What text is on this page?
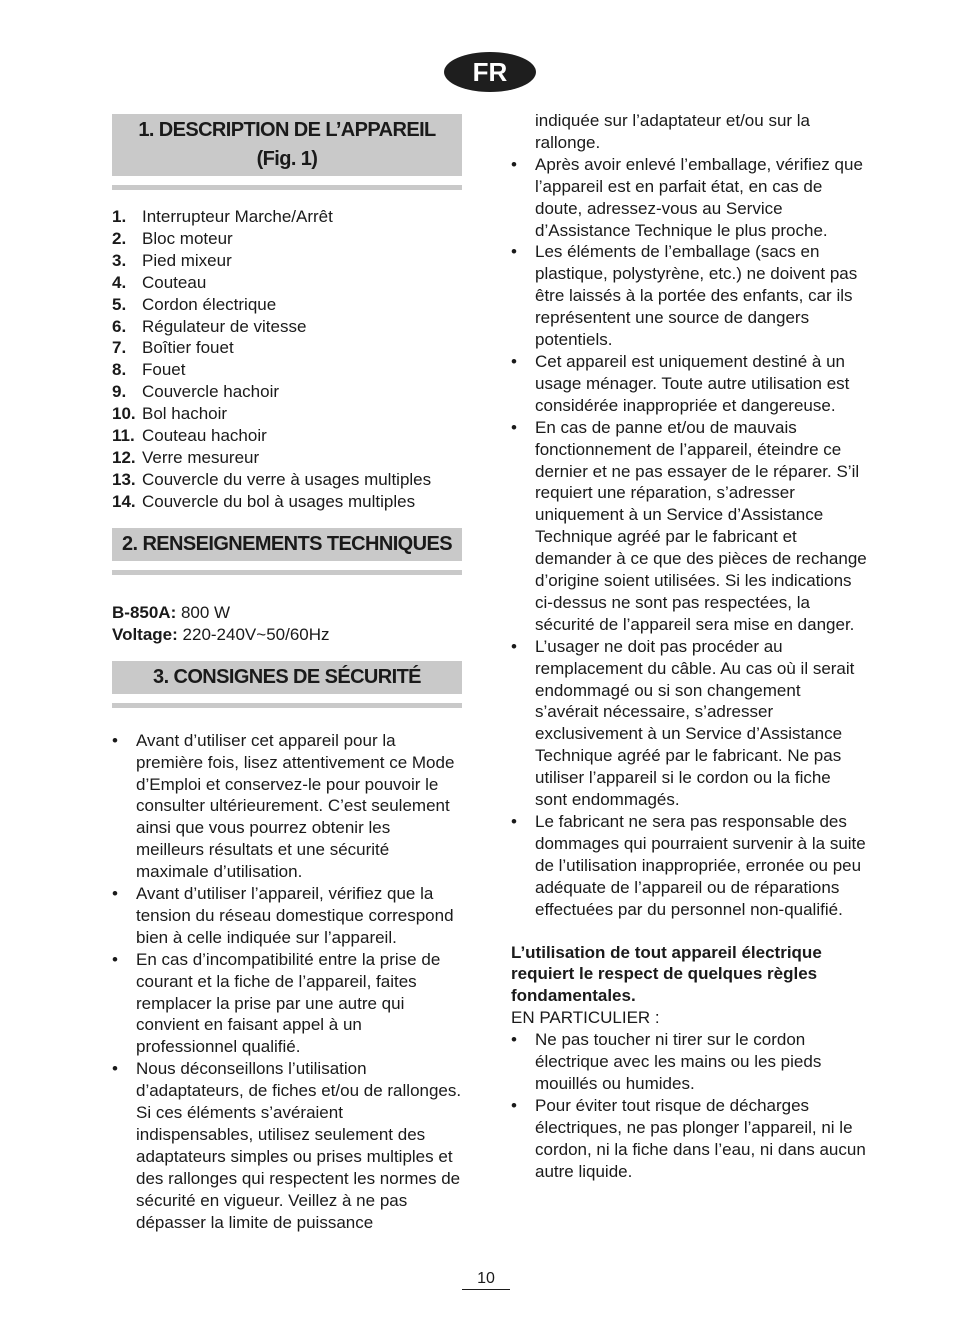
FR
1. DESCRIPTION DE L’APPAREIL
(Fig. 1)
1. Interrupteur Marche/Arrêt
2. Bloc moteur
3. Pied mixeur
4. Couteau
5. Cordon électrique
6. Régulateur de vitesse
7. Boîtier fouet
8. Fouet
9. Couvercle hachoir
10. Bol hachoir
11. Couteau hachoir
12. Verre mesureur
13. Couvercle du verre à usages multiples
14. Couvercle du bol à usages multiples
2. RENSEIGNEMENTS TECHNIQUES
B-850A: 800 W
Voltage: 220-240V~50/60Hz
3. CONSIGNES DE SÉCURITÉ
• Avant d’utiliser cet appareil pour la première fois, lisez attentivement ce Mode d’Emploi et conservez-le pour pouvoir le consulter ultérieurement. C’est seulement ainsi que vous pourrez obtenir les meilleurs résultats et une sécurité maximale d’utilisation.
• Avant d’utiliser l’appareil, vérifiez que la tension du réseau domestique correspond bien à celle indiquée sur l’appareil.
• En cas d’incompatibilité entre la prise de courant et la fiche de l’appareil, faites remplacer la prise par une autre qui convient en faisant appel à un professionnel qualifié.
• Nous déconseillons l’utilisation d’adaptateurs, de fiches et/ou de rallonges. Si ces éléments s’avéraient indispensables, utilisez seulement des adaptateurs simples ou prises multiples et des rallonges qui respectent les normes de sécurité en vigueur. Veillez à ne pas dépasser la limite de puissance
indiquée sur l’adaptateur et/ou sur la rallonge.
• Après avoir enlevé l’emballage, vérifiez que l’appareil est en parfait état, en cas de doute, adressez-vous au Service d’Assistance Technique le plus proche.
• Les éléments de l’emballage (sacs en plastique, polystyrène, etc.) ne doivent pas être laissés à la portée des enfants, car ils représentent une source de dangers potentiels.
• Cet appareil est uniquement destiné à un usage ménager. Toute autre utilisation est considérée inappropriée et dangereuse.
• En cas de panne et/ou de mauvais fonctionnement de l’appareil, éteindre ce dernier et ne pas essayer de le réparer. S’il requiert une réparation, s’adresser uniquement à un Service d’Assistance Technique agréé par le fabricant et demander à ce que des pièces de rechange d’origine soient utilisées. Si les indications ci-dessus ne sont pas respectées, la sécurité de l’appareil sera mise en danger.
• L’usager ne doit pas procéder au remplacement du câble. Au cas où il serait endommagé ou si son changement s’avérait nécessaire, s’adresser exclusivement à un Service d’Assistance Technique agréé par le fabricant. Ne pas utiliser l’appareil si le cordon ou la fiche sont endommagés.
• Le fabricant ne sera pas responsable des dommages qui pourraient survenir à la suite de l’utilisation inappropriée, erronée ou peu adéquate de l’appareil ou de réparations effectuées par du personnel non-qualifié.
L’utilisation de tout appareil électrique requiert le respect de quelques règles fondamentales.
EN PARTICULIER :
• Ne pas toucher ni tirer sur le cordon électrique avec les mains ou les pieds mouillés ou humides.
• Pour éviter tout risque de décharges électriques, ne pas plonger l’appareil, ni le cordon, ni la fiche dans l’eau, ni dans aucun autre liquide.
10
